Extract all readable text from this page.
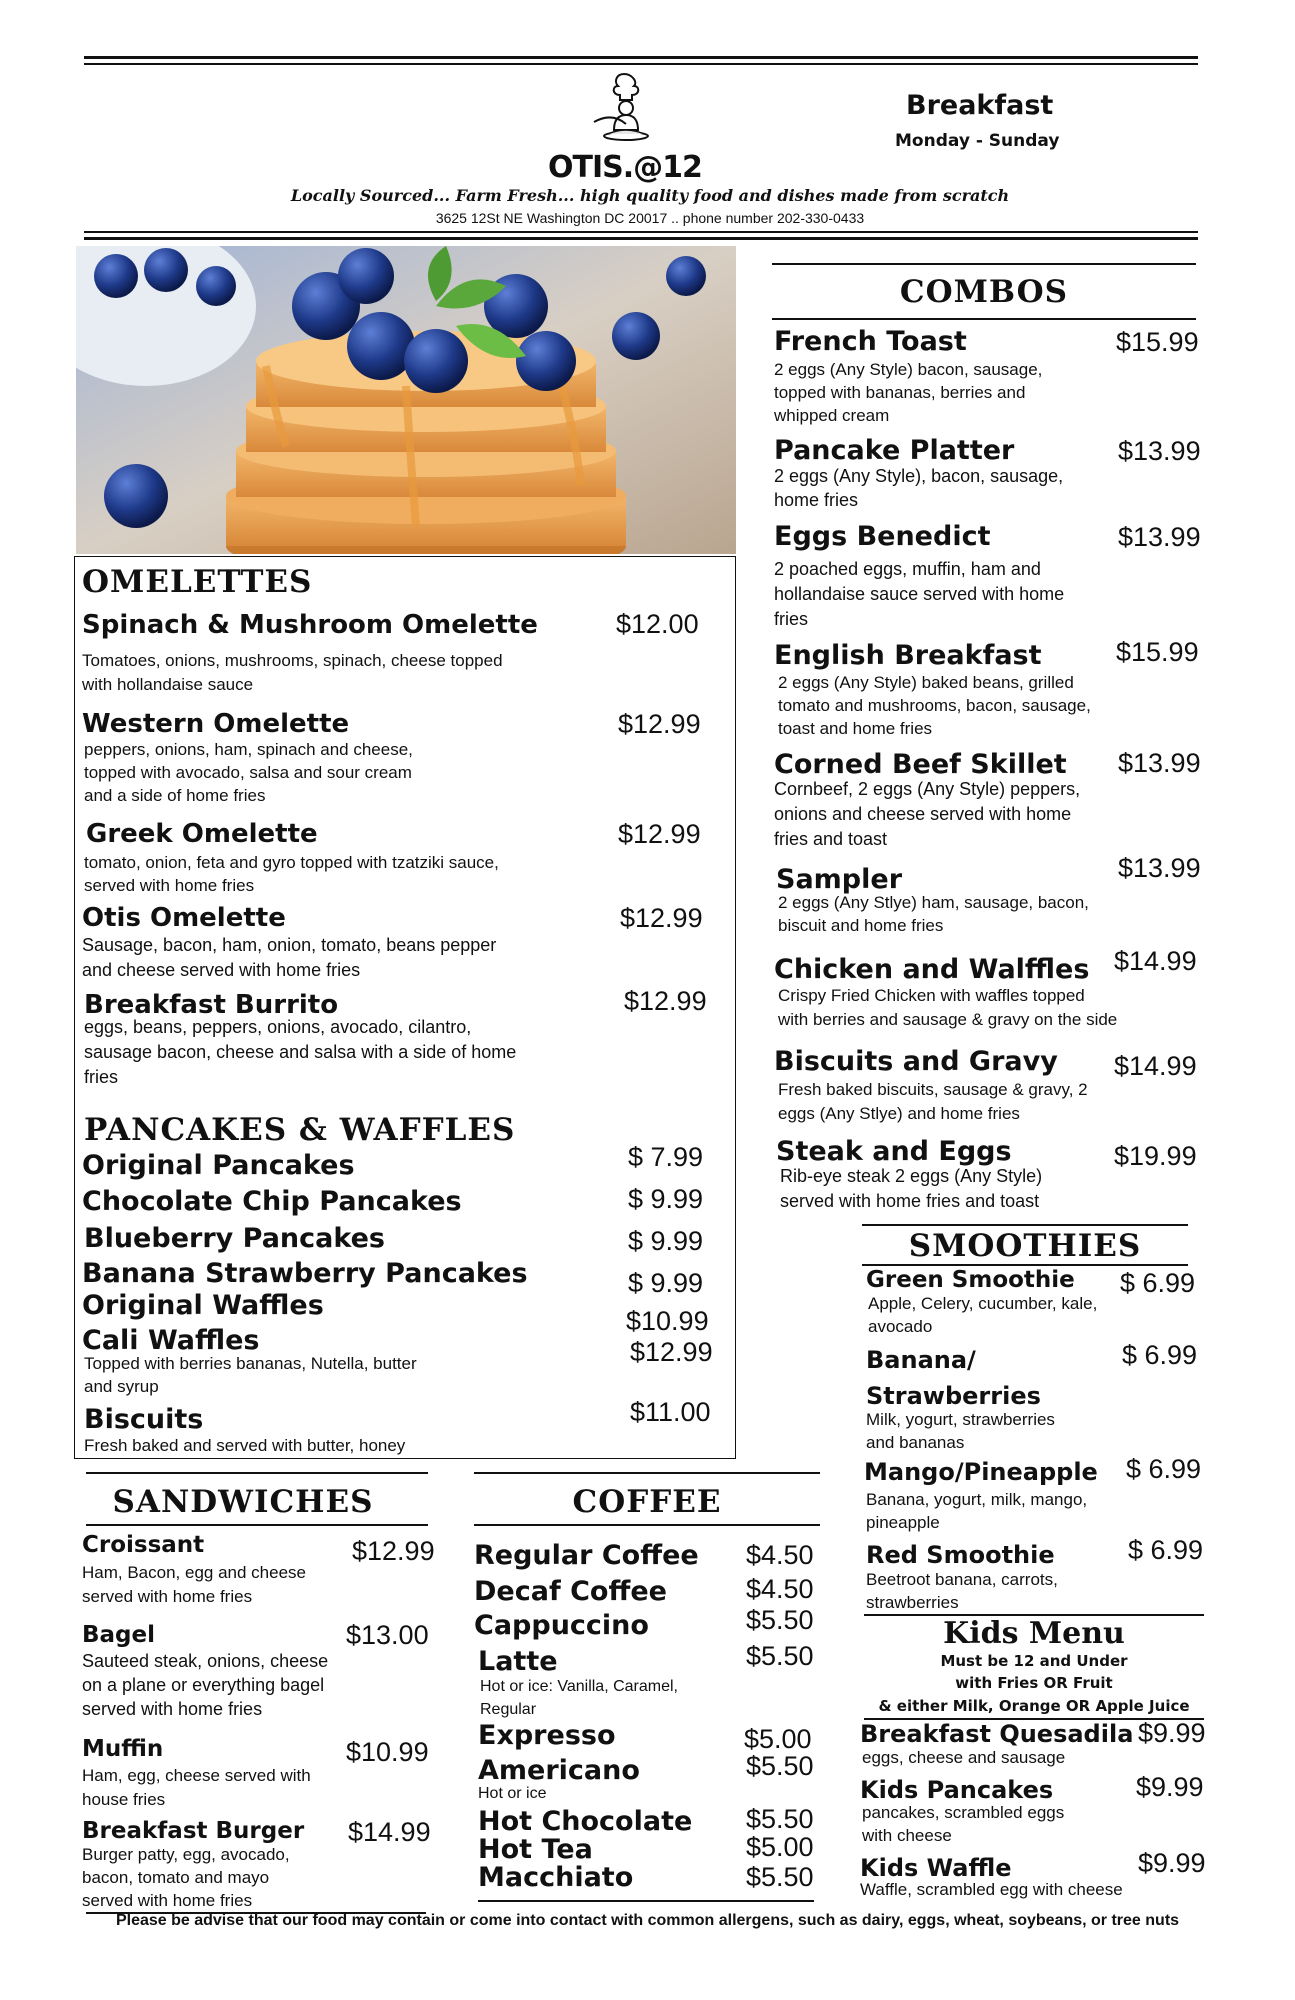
OTIS.@12
Breakfast
Monday - Sunday
Locally Sourced... Farm Fresh... high quality food and dishes made from scratch
3625 12St NE Washington DC 20017 .. phone number 202-330-0433
OMELETTES
Spinach & Mushroom Omelette	$12.00
Tomatoes, onions, mushrooms, spinach, cheese topped
with hollandaise sauce
Western Omelette	$12.99
peppers, onions, ham, spinach and cheese,
topped with avocado, salsa and sour cream
and a side of home fries
Greek Omelette	$12.99
tomato, onion, feta and gyro topped with tzatziki sauce,
served with home fries
Otis Omelette	$12.99
Sausage, bacon, ham, onion, tomato, beans pepper
and cheese served with home fries
Breakfast Burrito	$12.99
eggs, beans, peppers, onions, avocado, cilantro,
sausage bacon, cheese and salsa with a side of home
fries
PANCAKES & WAFFLES
Original Pancakes	$ 7.99
Chocolate Chip Pancakes	$ 9.99
Blueberry Pancakes	$ 9.99
Banana Strawberry Pancakes	$ 9.99
Original Waffles	$10.99
Cali Waffles	$12.99
Topped with berries bananas, Nutella, butter
and syrup
Biscuits	$11.00
Fresh baked and served with butter, honey
COMBOS
French Toast	$15.99
2 eggs (Any Style) bacon, sausage,
topped with bananas, berries and
whipped cream
Pancake Platter	$13.99
2 eggs (Any Style), bacon, sausage,
home fries
Eggs Benedict	$13.99
2 poached eggs, muffin, ham and
hollandaise sauce served with home
fries
English Breakfast	$15.99
2 eggs (Any Style) baked beans, grilled
tomato and mushrooms, bacon, sausage,
toast and home fries
Corned Beef Skillet $13.99
Cornbeef, 2 eggs (Any Style) peppers,
onions and cheese served with home
fries and toast
Sampler	$13.99
2 eggs (Any Stlye) ham, sausage, bacon,
biscuit and home fries
Chicken and Walffles $14.99
Crispy Fried Chicken with waffles topped
with berries and sausage & gravy on the side
Biscuits and Gravy $14.99
Fresh baked biscuits, sausage & gravy, 2
eggs (Any Stlye) and home fries
Steak and Eggs	$19.99
Rib-eye steak 2 eggs (Any Style)
served with home fries and toast
SMOOTHIES
Green Smoothie $ 6.99
Apple, Celery, cucumber, kale,
avocado
Banana/
Strawberries
$ 6.99
Milk, yogurt, strawberries
and bananas
Mango/Pineapple $ 6.99
Banana, yogurt, milk, mango,
pineapple
Red Smoothie	$ 6.99
Beetroot banana, carrots,
strawberries
Kids Menu
Must be 12 and Under
with Fries OR Fruit
& either Milk, Orange OR Apple Juice
Breakfast Quesadila $9.99
eggs, cheese and sausage
Kids Pancakes	$9.99
pancakes, scrambled eggs
with cheese
Kids Waffle	$9.99
Waffle, scrambled egg with cheese
SANDWICHES
Croissant	$12.99
Ham, Bacon, egg and cheese
served with home fries
Bagel	$13.00
Sauteed steak, onions, cheese
on a plane or everything bagel
served with home fries
Muffin	$10.99
Ham, egg, cheese served with
house fries
Breakfast Burger $14.99
Burger patty, egg, avocado,
bacon, tomato and mayo
served with home fries
COFFEE
Regular Coffee $4.50
Decaf Coffee	$4.50
Cappuccino	$5.50
Latte	$5.50
Hot or ice: Vanilla, Caramel,
Regular
Expresso	$5.00
Americano	$5.50
Hot or ice
Hot Chocolate $5.50
Hot Tea	$5.00
Macchiato	$5.50
Please be advise that our food may contain or come into contact with common allergens, such as dairy, eggs, wheat, soybeans, or tree nuts
